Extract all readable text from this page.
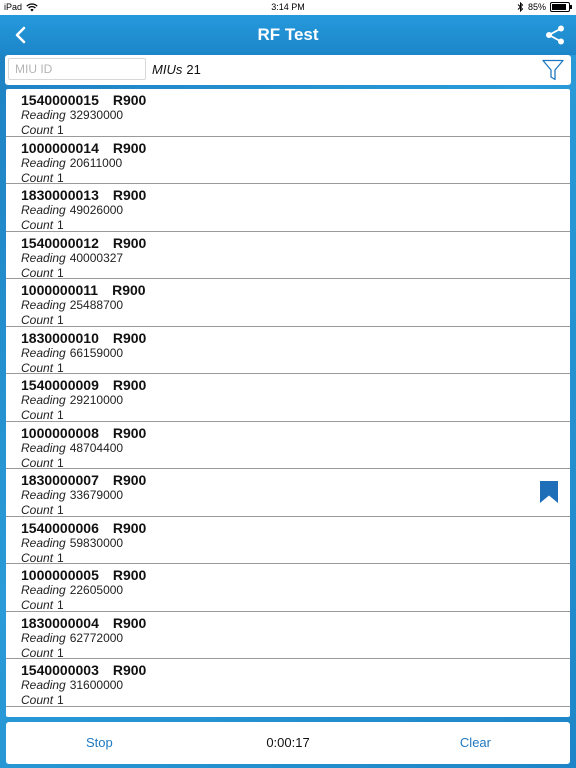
iPad	3:14 PM	85%
RF Test
MIU ID
MIUs 21
1540000015 R900
Reading 32930000
Count 1
1000000014 R900
Reading 20611000
Count 1
1830000013 R900
Reading 49026000
Count 1
1540000012 R900
Reading 40000327
Count 1
1000000011 R900
Reading 25488700
Count 1
1830000010 R900
Reading 66159000
Count 1
1540000009 R900
Reading 29210000
Count 1
1000000008 R900
Reading 48704400
Count 1
1830000007 R900
Reading 33679000
Count 1
1540000006 R900
Reading 59830000
Count 1
1000000005 R900
Reading 22605000
Count 1
1830000004 R900
Reading 62772000
Count 1
1540000003 R900
Reading 31600000
Count 1
Stop	0:00:17	Clear
